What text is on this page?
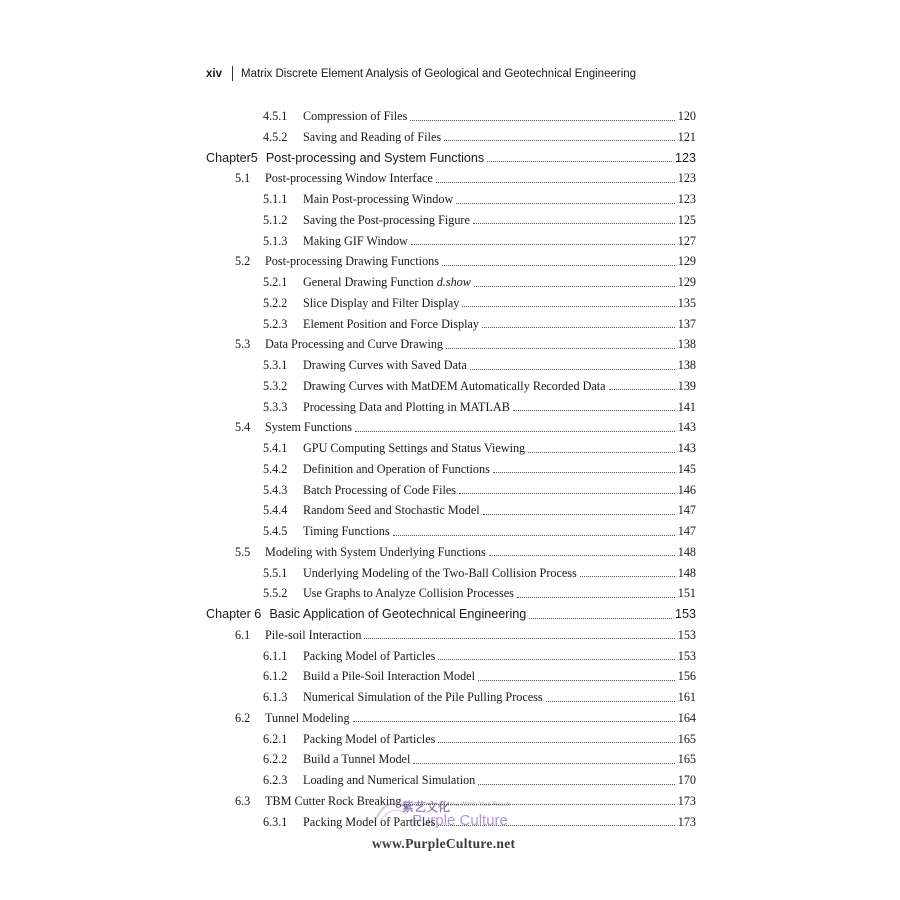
xiv Matrix Discrete Element Analysis of Geological and Geotechnical Engineering
4.5.1	Compression of Files	120
4.5.2	Saving and Reading of Files	121
Chapter5 Post-processing and System Functions	123
5.1	Post-processing Window Interface	123
5.1.1	Main Post-processing Window	123
5.1.2	Saving the Post-processing Figure	125
5.1.3	Making GIF Window	127
5.2	Post-processing Drawing Functions	129
5.2.1	General Drawing Function d.show	129
5.2.2	Slice Display and Filter Display	135
5.2.3	Element Position and Force Display	137
5.3	Data Processing and Curve Drawing	138
5.3.1	Drawing Curves with Saved Data	138
5.3.2	Drawing Curves with MatDEM Automatically Recorded Data	139
5.3.3	Processing Data and Plotting in MATLAB	141
5.4	System Functions	143
5.4.1	GPU Computing Settings and Status Viewing	143
5.4.2	Definition and Operation of Functions	145
5.4.3	Batch Processing of Code Files	146
5.4.4	Random Seed and Stochastic Model	147
5.4.5	Timing Functions	147
5.5	Modeling with System Underlying Functions	148
5.5.1	Underlying Modeling of the Two-Ball Collision Process	148
5.5.2	Use Graphs to Analyze Collision Processes	151
Chapter 6 Basic Application of Geotechnical Engineering	153
6.1	Pile-soil Interaction	153
6.1.1	Packing Model of Particles	153
6.1.2	Build a Pile-Soil Interaction Model	156
6.1.3	Numerical Simulation of the Pile Pulling Process	161
6.2	Tunnel Modeling	164
6.2.1	Packing Model of Particles	165
6.2.2	Build a Tunnel Model	165
6.2.3	Loading and Numerical Simulation	170
6.3	TBM Cutter Rock Breaking	173
6.3.1	Packing Model of Particles	173
紫艺文化
A China Within Your Reach
Purple Culture
www.PurpleCulture.net
